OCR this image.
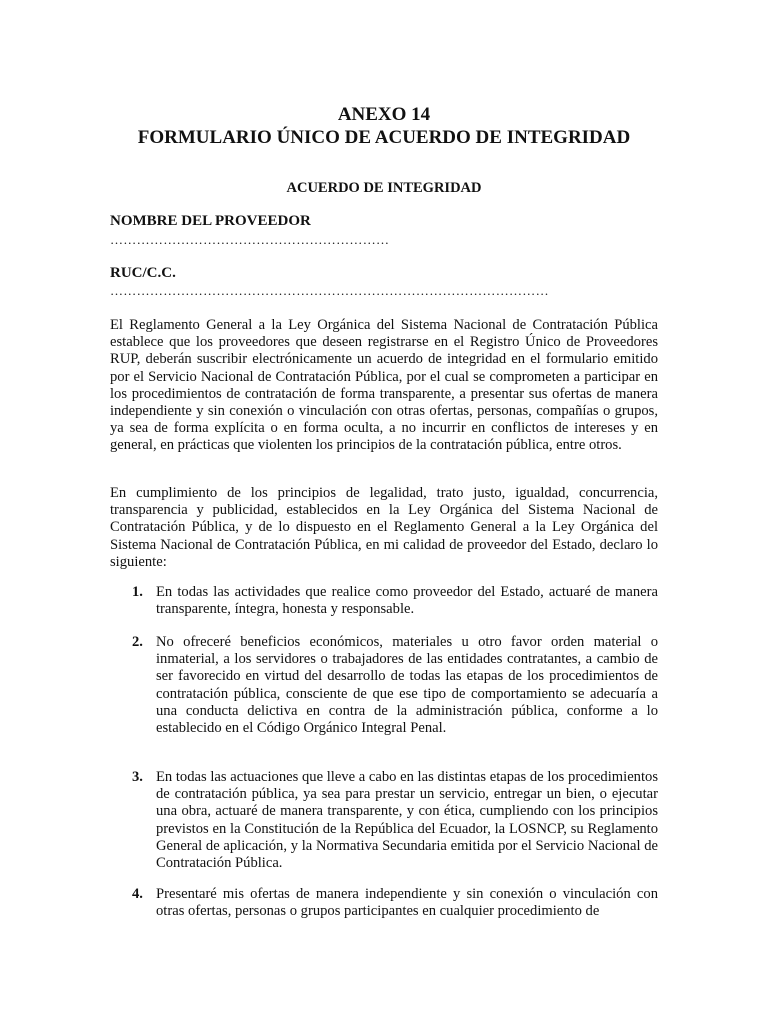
ANEXO 14
FORMULARIO ÚNICO DE ACUERDO DE INTEGRIDAD
ACUERDO DE INTEGRIDAD
NOMBRE DEL PROVEEDOR
………………………………………………………
RUC/C.C.
………………………………………………………………………………………
El Reglamento General a la Ley Orgánica del Sistema Nacional de Contratación Pública establece que los proveedores que deseen registrarse en el Registro Único de Proveedores RUP, deberán suscribir electrónicamente un acuerdo de integridad en el formulario emitido por el Servicio Nacional de Contratación Pública, por el cual se comprometen a participar en los procedimientos de contratación de forma transparente, a presentar sus ofertas de manera independiente y sin conexión o vinculación con otras ofertas, personas, compañías o grupos, ya sea de forma explícita o en forma oculta, a no incurrir en conflictos de intereses y en general, en prácticas que violenten los principios de la contratación pública, entre otros.
En cumplimiento de los principios de legalidad, trato justo, igualdad, concurrencia, transparencia y publicidad, establecidos en la Ley Orgánica del Sistema Nacional de Contratación Pública, y de lo dispuesto en el Reglamento General a la Ley Orgánica del Sistema Nacional de Contratación Pública, en mi calidad de proveedor del Estado, declaro lo siguiente:
1. En todas las actividades que realice como proveedor del Estado, actuaré de manera transparente, íntegra, honesta y responsable.
2. No ofreceré beneficios económicos, materiales u otro favor orden material o inmaterial, a los servidores o trabajadores de las entidades contratantes, a cambio de ser favorecido en virtud del desarrollo de todas las etapas de los procedimientos de contratación pública, consciente de que ese tipo de comportamiento se adecuaría a una conducta delictiva en contra de la administración pública, conforme a lo establecido en el Código Orgánico Integral Penal.
3. En todas las actuaciones que lleve a cabo en las distintas etapas de los procedimientos de contratación pública, ya sea para prestar un servicio, entregar un bien, o ejecutar una obra, actuaré de manera transparente, y con ética, cumpliendo con los principios previstos en la Constitución de la República del Ecuador, la LOSNCP, su Reglamento General de aplicación, y la Normativa Secundaria emitida por el Servicio Nacional de Contratación Pública.
4. Presentaré mis ofertas de manera independiente y sin conexión o vinculación con otras ofertas, personas o grupos participantes en cualquier procedimiento de
